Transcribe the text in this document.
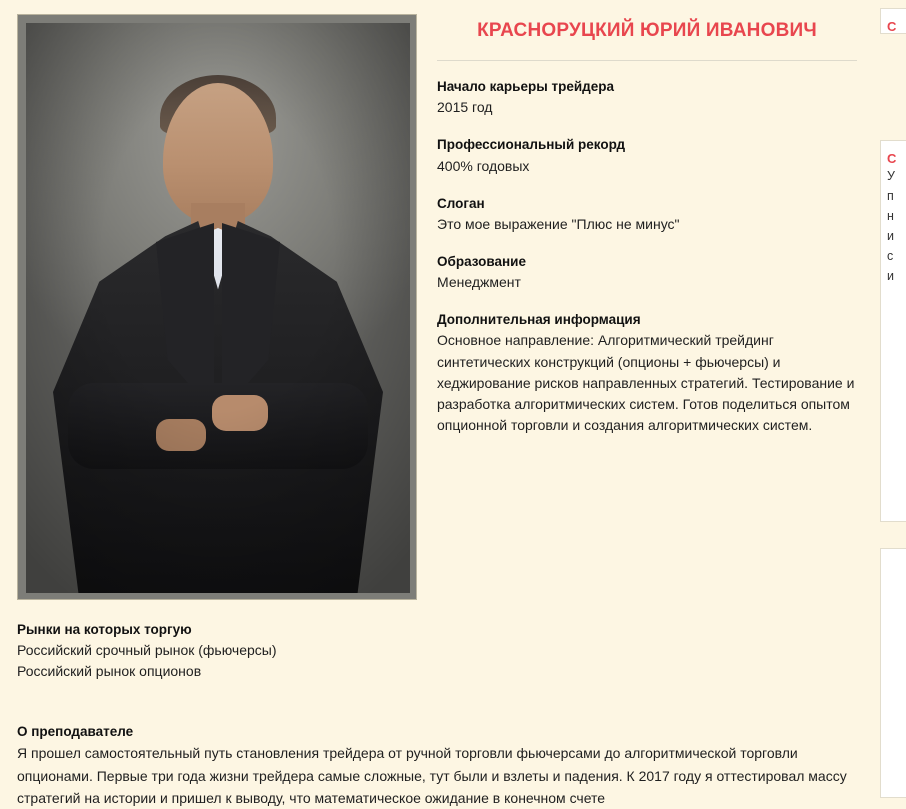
КРАСНОРУЦКИЙ ЮРИЙ ИВАНОВИЧ
Начало карьеры трейдера
2015 год
Профессиональный рекорд
400% годовых
Слоган
Это мое выражение "Плюс не минус"
Образование
Менеджмент
Дополнительная информация
Основное направление: Алгоритмический трейдинг синтетических конструкций (опционы + фьючерсы) и хеджирование рисков направленных стратегий. Тестирование и разработка алгоритмических систем. Готов поделиться опытом опционной торговли и создания алгоритмических систем.
Рынки на которых торгую
Российский срочный рынок (фьючерсы)
Российский рынок опционов
О преподавателе
Я прошел самостоятельный путь становления трейдера от ручной торговли фьючерсами до алгоритмической торговли опционами. Первые три года жизни трейдера самые сложные, тут были и взлеты и падения. К 2017 году я оттестировал массу стратегий на истории и пришел к выводу, что математическое ожидание в конечном счете
С
С
У
п
н
и
с
и
